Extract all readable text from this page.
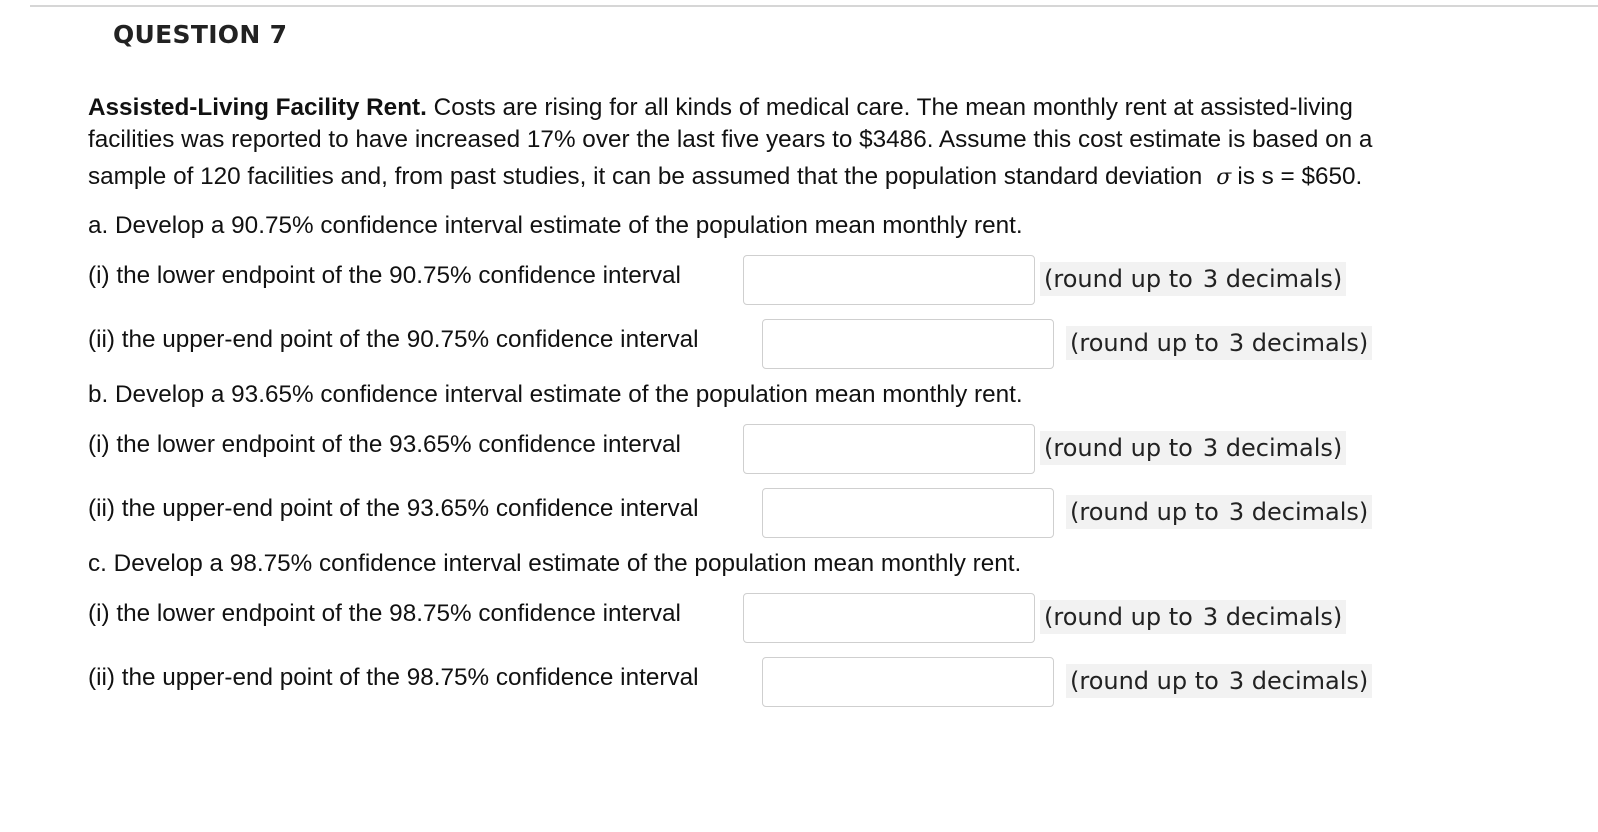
QUESTION 7
Assisted-Living Facility Rent. Costs are rising for all kinds of medical care. The mean monthly rent at assisted-living
facilities was reported to have increased 17% over the last five years to $3486. Assume this cost estimate is based on a
sample of 120 facilities and, from past studies, it can be assumed that the population standard deviation σ is s = $650.
a. Develop a 90.75% confidence interval estimate of the population mean monthly rent.
(i) the lower endpoint of the 90.75% confidence interval	(round up to 3 decimals)
(ii) the upper-end point of the 90.75% confidence interval	(round up to 3 decimals)
b. Develop a 93.65% confidence interval estimate of the population mean monthly rent.
(i) the lower endpoint of the 93.65% confidence interval	(round up to 3 decimals)
(ii) the upper-end point of the 93.65% confidence interval	(round up to 3 decimals)
c. Develop a 98.75% confidence interval estimate of the population mean monthly rent.
(i) the lower endpoint of the 98.75% confidence interval	(round up to 3 decimals)
(ii) the upper-end point of the 98.75% confidence interval	(round up to 3 decimals)
